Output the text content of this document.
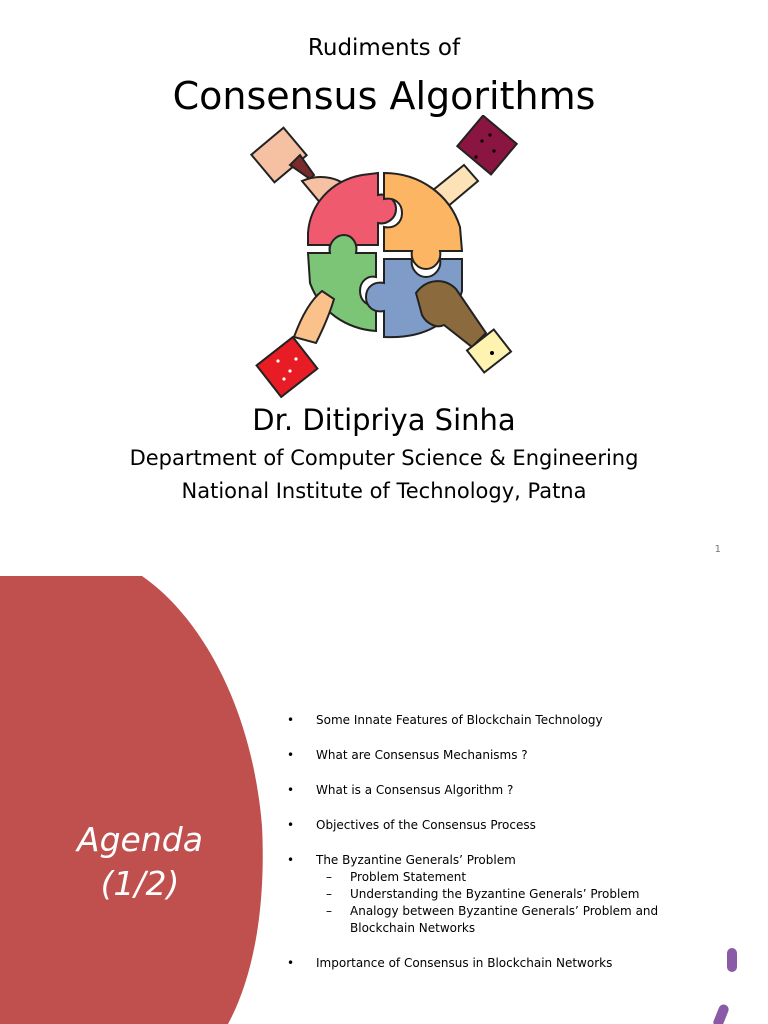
Rudiments of
Consensus Algorithms
Dr. Ditipriya Sinha
Department of Computer Science & Engineering
National Institute of Technology, Patna
1
Agenda
(1/2)
• Some Innate Features of Blockchain Technology
• What are Consensus Mechanisms ?
• What is a Consensus Algorithm ?
• Objectives of the Consensus Process
• The Byzantine Generals’ Problem
– Problem Statement
– Understanding the Byzantine Generals’ Problem
– Analogy between Byzantine Generals’ Problem and Blockchain Networks
• Importance of Consensus in Blockchain Networks
